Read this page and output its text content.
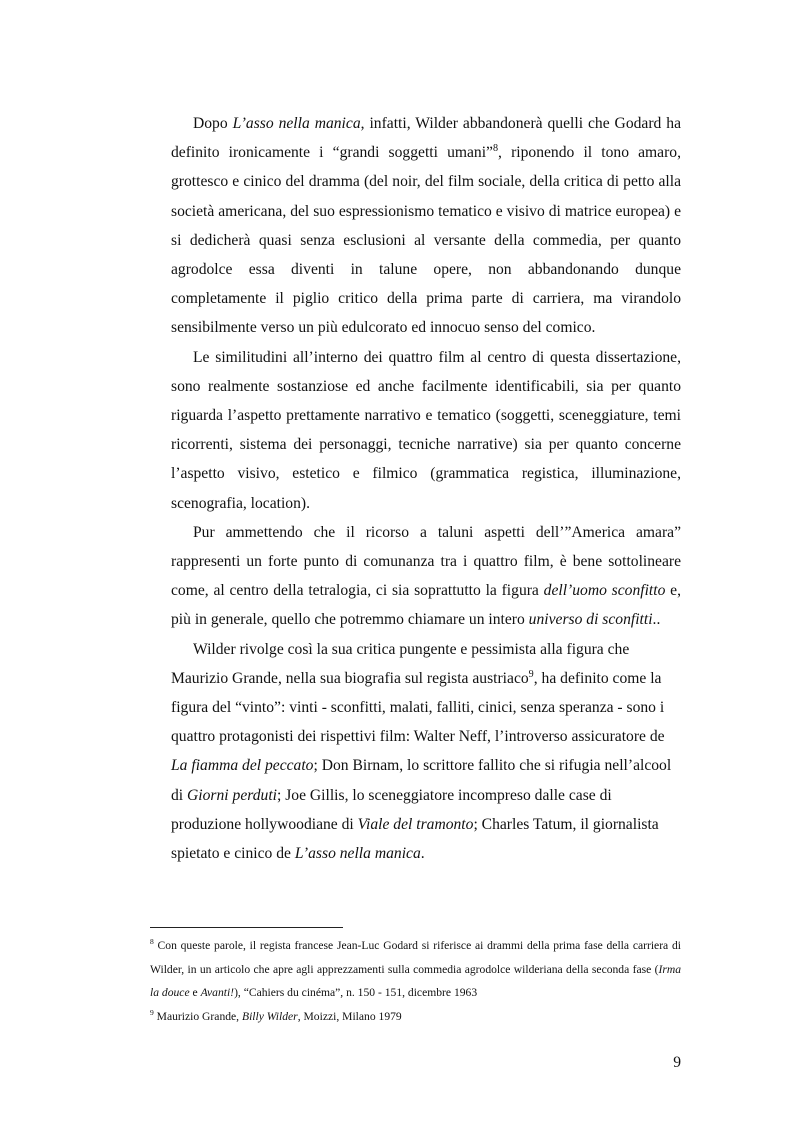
Dopo L’asso nella manica, infatti, Wilder abbandonerà quelli che Godard ha definito ironicamente i “grandi soggetti umani”$^8$, riponendo il tono amaro, grottesco e cinico del dramma (del noir, del film sociale, della critica di petto alla società americana, del suo espressionismo tematico e visivo di matrice europea) e si dedicherà quasi senza esclusioni al versante della commedia, per quanto agrodolce essa diventi in talune opere, non abbandonando dunque completamente il piglio critico della prima parte di carriera, ma virandolo sensibilmente verso un più edulcorato ed innocuo senso del comico.

Le similitudini all’interno dei quattro film al centro di questa dissertazione, sono realmente sostanziose ed anche facilmente identificabili, sia per quanto riguarda l’aspetto prettamente narrativo e tematico (soggetti, sceneggiature, temi ricorrenti, sistema dei personaggi, tecniche narrative) sia per quanto concerne l’aspetto visivo, estetico e filmico (grammatica registica, illuminazione, scenografia, location).

Pur ammettendo che il ricorso a taluni aspetti dell’”America amara” rappresenti un forte punto di comunanza tra i quattro film, è bene sottolineare come, al centro della tetralogia, ci sia soprattutto la figura dell’uomo sconfitto e, più in generale, quello che potremmo chiamare un intero universo di sconfitti..

Wilder rivolge così la sua critica pungente e pessimista alla figura che Maurizio Grande, nella sua biografia sul regista austriaco$^9$, ha definito come la figura del “vinto”: vinti - sconfitti, malati, falliti, cinici, senza speranza - sono i quattro protagonisti dei rispettivi film: Walter Neff, l’introverso assicuratore de La fiamma del peccato; Don Birnam, lo scrittore fallito che si rifugia nell’alcool di Giorni perduti; Joe Gillis, lo sceneggiatore incompreso dalle case di produzione hollywoodiane di Viale del tramonto; Charles Tatum, il giornalista spietato e cinico de L’asso nella manica.

$^8$ Con queste parole, il regista francese Jean-Luc Godard si riferisce ai drammi della prima fase della carriera di Wilder, in un articolo che apre agli apprezzamenti sulla commedia agrodolce wilderiana della seconda fase (Irma la douce e Avanti!), “Cahiers du cinéma”, n. 150 - 151, dicembre 1963

$^9$ Maurizio Grande, Billy Wilder, Moizzi, Milano 1979

9
